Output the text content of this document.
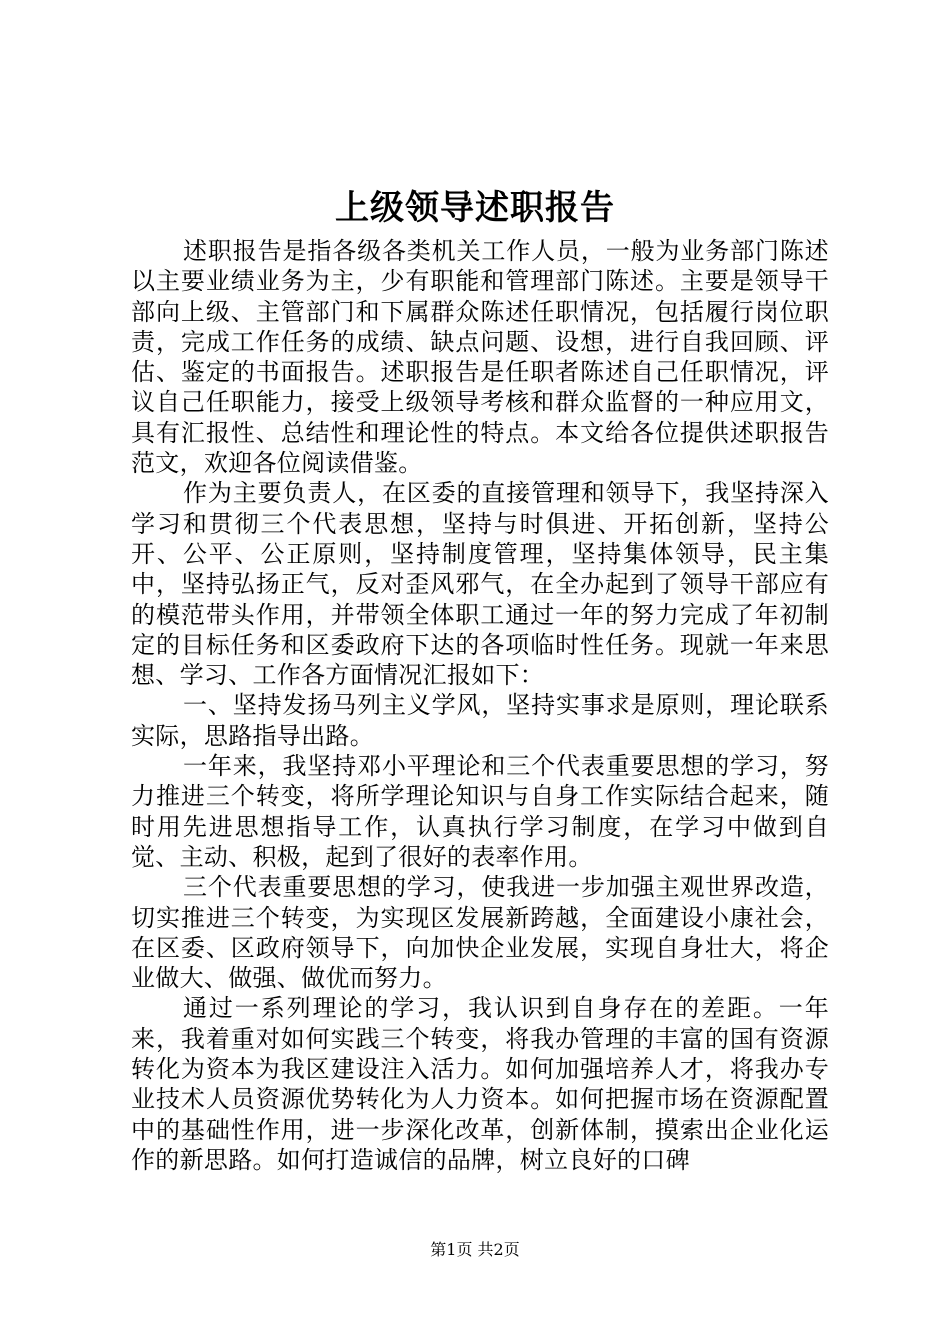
上级领导述职报告

述职报告是指各级各类机关工作人员，一般为业务部门陈述以主要业绩业务为主，少有职能和管理部门陈述。主要是领导干部向上级、主管部门和下属群众陈述任职情况，包括履行岗位职责，完成工作任务的成绩、缺点问题、设想，进行自我回顾、评估、鉴定的书面报告。述职报告是任职者陈述自己任职情况，评议自己任职能力，接受上级领导考核和群众监督的一种应用文，具有汇报性、总结性和理论性的特点。本文给各位提供述职报告范文，欢迎各位阅读借鉴。

作为主要负责人，在区委的直接管理和领导下，我坚持深入学习和贯彻三个代表思想，坚持与时俱进、开拓创新，坚持公开、公平、公正原则，坚持制度管理，坚持集体领导，民主集中，坚持弘扬正气，反对歪风邪气，在全办起到了领导干部应有的模范带头作用，并带领全体职工通过一年的努力完成了年初制定的目标任务和区委政府下达的各项临时性任务。现就一年来思想、学习、工作各方面情况汇报如下：

一、坚持发扬马列主义学风，坚持实事求是原则，理论联系实际，思路指导出路。

一年来，我坚持邓小平理论和三个代表重要思想的学习，努力推进三个转变，将所学理论知识与自身工作实际结合起来，随时用先进思想指导工作，认真执行学习制度，在学习中做到自觉、主动、积极，起到了很好的表率作用。

三个代表重要思想的学习，使我进一步加强主观世界改造，切实推进三个转变，为实现区发展新跨越，全面建设小康社会，在区委、区政府领导下，向加快企业发展，实现自身壮大，将企业做大、做强、做优而努力。

通过一系列理论的学习，我认识到自身存在的差距。一年来，我着重对如何实践三个转变，将我办管理的丰富的国有资源转化为资本为我区建设注入活力。如何加强培养人才，将我办专业技术人员资源优势转化为人力资本。如何把握市场在资源配置中的基础性作用，进一步深化改革，创新体制，摸索出企业化运作的新思路。如何打造诚信的品牌，树立良好的口碑

第1页 共2页
